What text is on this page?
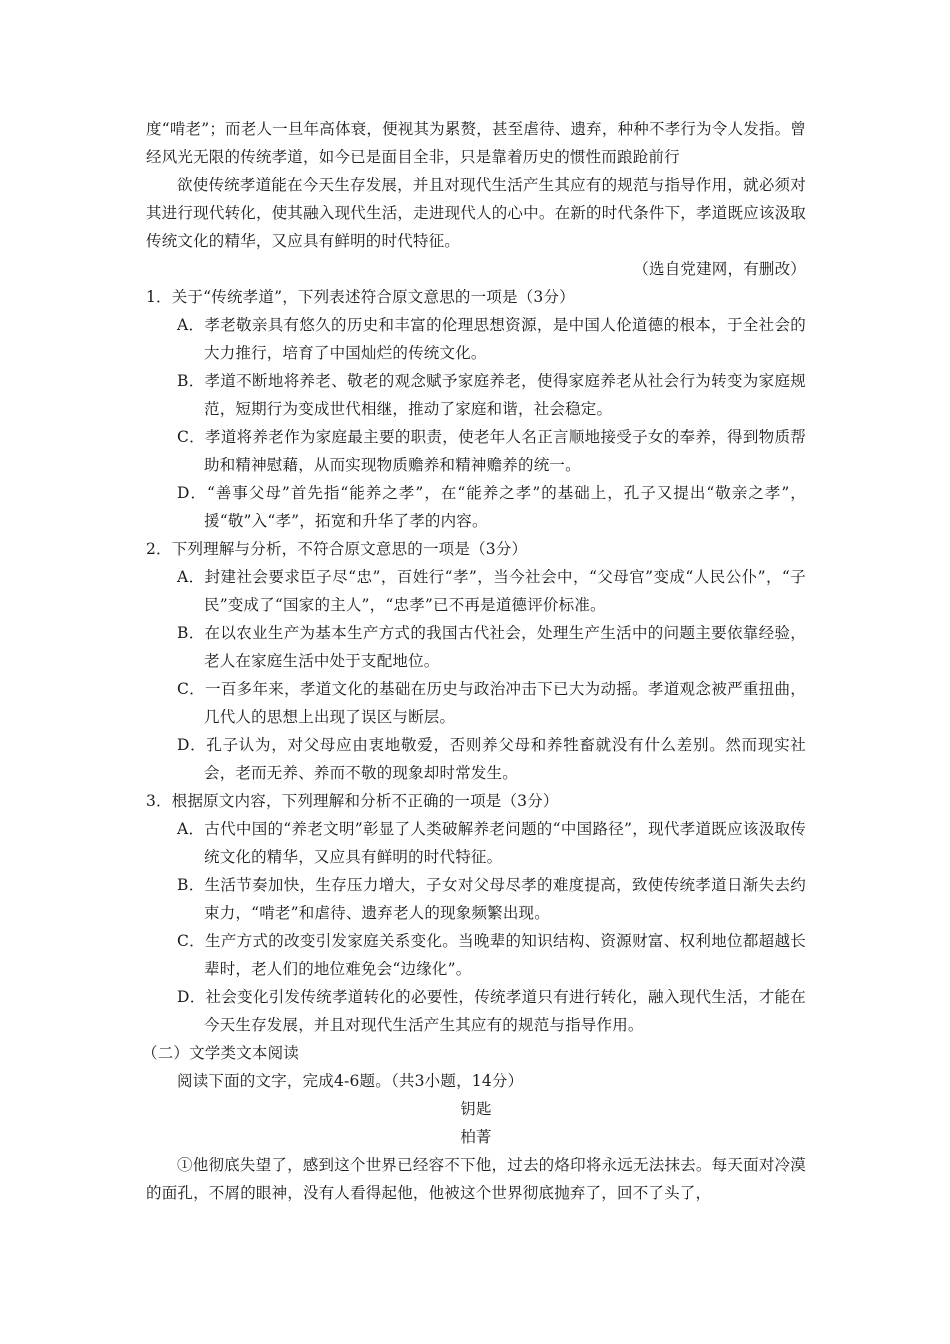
度“啃老”；而老人一旦年高体衰，便视其为累赘，甚至虐待、遗弃，种种不孝行为令人发指。曾经风光无限的传统孝道，如今已是面目全非，只是靠着历史的惯性而踉跄前行

欲使传统孝道能在今天生存发展，并且对现代生活产生其应有的规范与指导作用，就必须对其进行现代转化，使其融入现代生活，走进现代人的心中。在新的时代条件下，孝道既应该汲取传统文化的精华，又应具有鲜明的时代特征。

（选自党建网，有删改）

1．关于“传统孝道”，下列表述符合原文意思的一项是（3分）

A．孝老敬亲具有悠久的历史和丰富的伦理思想资源，是中国人伦道德的根本，于全社会的大力推行，培育了中国灿烂的传统文化。

B．孝道不断地将养老、敬老的观念赋予家庭养老，使得家庭养老从社会行为转变为家庭规范，短期行为变成世代相继，推动了家庭和谐，社会稳定。

C．孝道将养老作为家庭最主要的职责，使老年人名正言顺地接受子女的奉养，得到物质帮助和精神慰藉，从而实现物质赡养和精神赡养的统一。

D．“善事父母”首先指“能养之孝”，在“能养之孝”的基础上，孔子又提出“敬亲之孝”，援“敬”入“孝”，拓宽和升华了孝的内容。

2．下列理解与分析，不符合原文意思的一项是（3分）

A．封建社会要求臣子尽“忠”，百姓行“孝”，当今社会中，“父母官”变成“人民公仆”，“子民”变成了“国家的主人”，“忠孝”已不再是道德评价标准。

B．在以农业生产为基本生产方式的我国古代社会，处理生产生活中的问题主要依靠经验，老人在家庭生活中处于支配地位。

C．一百多年来，孝道文化的基础在历史与政治冲击下已大为动摇。孝道观念被严重扭曲，几代人的思想上出现了误区与断层。

D．孔子认为，对父母应由衷地敬爱，否则养父母和养牲畜就没有什么差别。然而现实社会，老而无养、养而不敬的现象却时常发生。

3．根据原文内容，下列理解和分析不正确的一项是（3分）

A．古代中国的“养老文明”彰显了人类破解养老问题的“中国路径”，现代孝道既应该汲取传统文化的精华，又应具有鲜明的时代特征。

B．生活节奏加快，生存压力增大，子女对父母尽孝的难度提高，致使传统孝道日渐失去约束力，“啃老”和虐待、遗弃老人的现象频繁出现。

C．生产方式的改变引发家庭关系变化。当晚辈的知识结构、资源财富、权利地位都超越长辈时，老人们的地位难免会“边缘化”。

D．社会变化引发传统孝道转化的必要性，传统孝道只有进行转化，融入现代生活，才能在今天生存发展，并且对现代生活产生其应有的规范与指导作用。

（二）文学类文本阅读

阅读下面的文字，完成4-6题。（共3小题，14分）

钥匙

柏菁

①他彻底失望了，感到这个世界已经容不下他，过去的烙印将永远无法抹去。每天面对冷漠的面孔，不屑的眼神，没有人看得起他，他被这个世界彻底抛弃了，回不了头了，
